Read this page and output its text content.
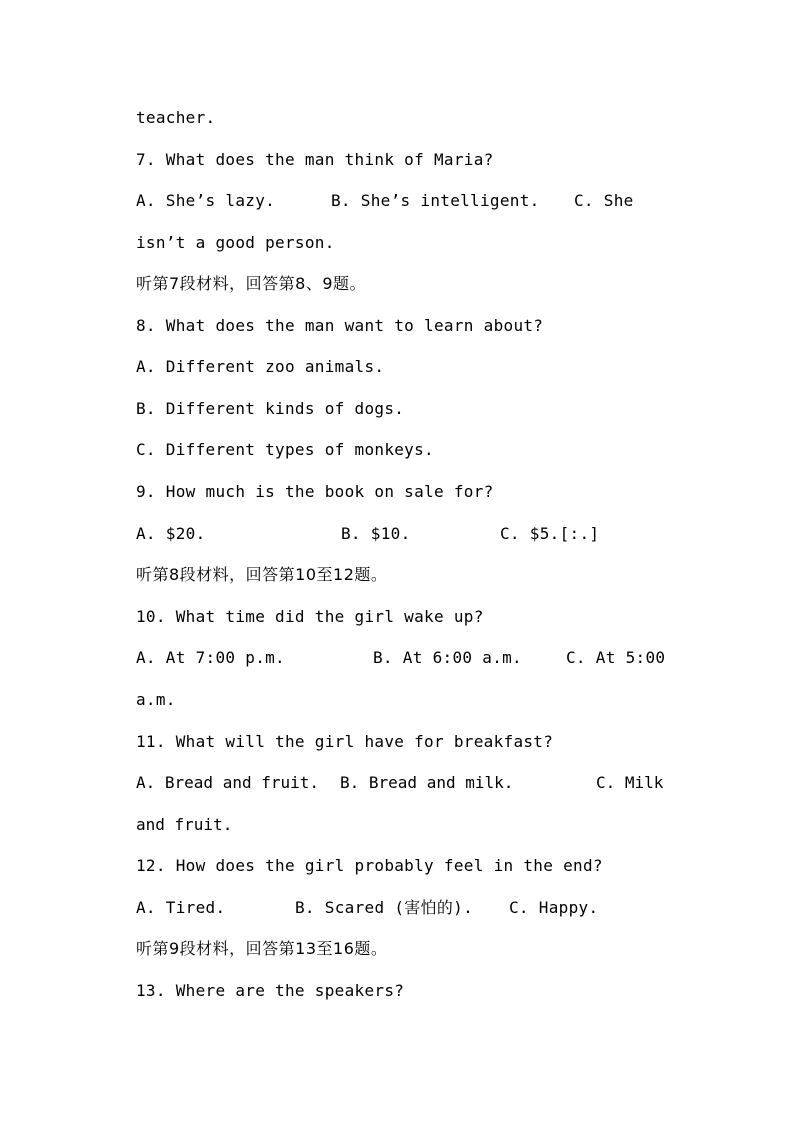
teacher.
7. What does the man think of Maria?
A. She’s lazy.	B. She’s intelligent. C. She
isn’t a good person.
听第7段材料，回答第8、9题。
8. What does the man want to learn about?
A. Different zoo animals.
B. Different kinds of dogs.
C. Different types of monkeys.
9. How much is the book on sale for?
A. $20.	B. $10.	C. $5.[:.]
听第8段材料，回答第10至12题。
10. What time did the girl wake up?
A. At 7:00 p.m.	B. At 6:00 a.m.	C. At 5:00
a.m.
11. What will the girl have for breakfast?
A. Bread and fruit. B. Bread and milk.	C. Milk
and fruit.
12. How does the girl probably feel in the end?
A. Tired.	B. Scared (害怕的). C. Happy.
听第9段材料，回答第13至16题。
13. Where are the speakers?
